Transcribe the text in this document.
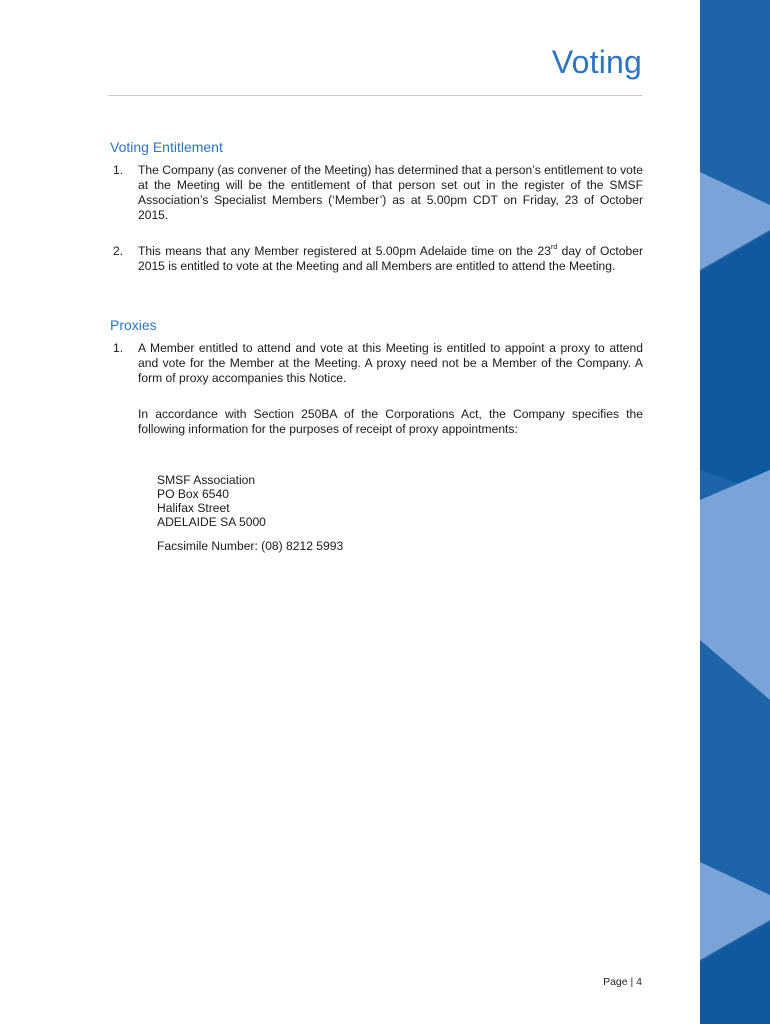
Voting
Voting Entitlement
1.	The Company (as convener of the Meeting) has determined that a person’s entitlement to vote at the Meeting will be the entitlement of that person set out in the register of the SMSF Association’s Specialist Members (‘Member’) as at 5.00pm CDT on Friday, 23 of October 2015.
2.	This means that any Member registered at 5.00pm Adelaide time on the 23rd day of October 2015 is entitled to vote at the Meeting and all Members are entitled to attend the Meeting.
Proxies
1.	A Member entitled to attend and vote at this Meeting is entitled to appoint a proxy to attend and vote for the Member at the Meeting. A proxy need not be a Member of the Company. A form of proxy accompanies this Notice.
In accordance with Section 250BA of the Corporations Act, the Company specifies the following information for the purposes of receipt of proxy appointments:
SMSF Association
PO Box 6540
Halifax Street
ADELAIDE SA 5000
Facsimile Number: (08) 8212 5993
Page | 4
